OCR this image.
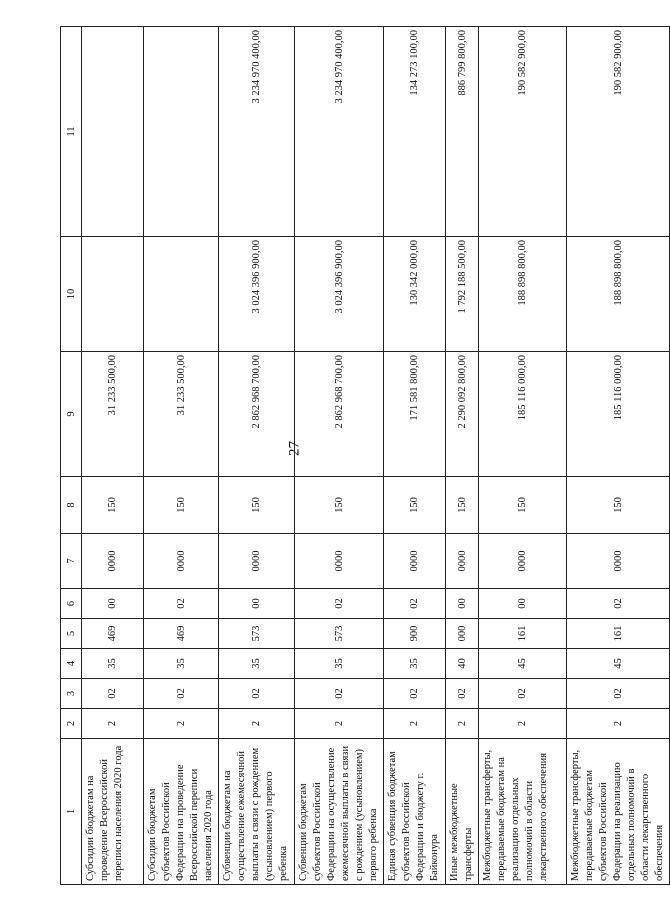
27
1	2	3	4	5	6	7	8	9	10	11
Субсидии бюджетам на проведение Всероссийской переписи населения 2020 года	2	02	35	469	00	0000	150	31 233 500,00		
Субсидии бюджетам субъектов Российской Федерации на проведение Всероссийской переписи населения 2020 года	2	02	35	469	02	0000	150	31 233 500,00		
Субвенции бюджетам на осуществление ежемесячной выплаты в связи с рождением (усыновлением) первого ребенка	2	02	35	573	00	0000	150	2 862 968 700,00	3 024 396 900,00	3 234 970 400,00
Субвенции бюджетам субъектов Российской Федерации на осуществление ежемесячной выплаты в связи с рождением (усыновлением) первого ребенка	2	02	35	573	02	0000	150	2 862 968 700,00	3 024 396 900,00	3 234 970 400,00
Единая субвенция бюджетам субъектов Российской Федерации и бюджету г. Байконура	2	02	35	900	02	0000	150	171 581 800,00	130 342 000,00	134 273 100,00
Иные межбюджетные трансферты	2	02	40	000	00	0000	150	2 290 092 800,00	1 792 188 500,00	886 799 800,00
Межбюджетные трансферты, передаваемые бюджетам на реализацию отдельных полномочий в области лекарственного обеспечения	2	02	45	161	00	0000	150	185 116 000,00	188 898 800,00	190 582 900,00
Межбюджетные трансферты, передаваемые бюджетам субъектов Российской Федерации на реализацию отдельных полномочий в области лекарственного обеспечения	2	02	45	161	02	0000	150	185 116 000,00	188 898 800,00	190 582 900,00
